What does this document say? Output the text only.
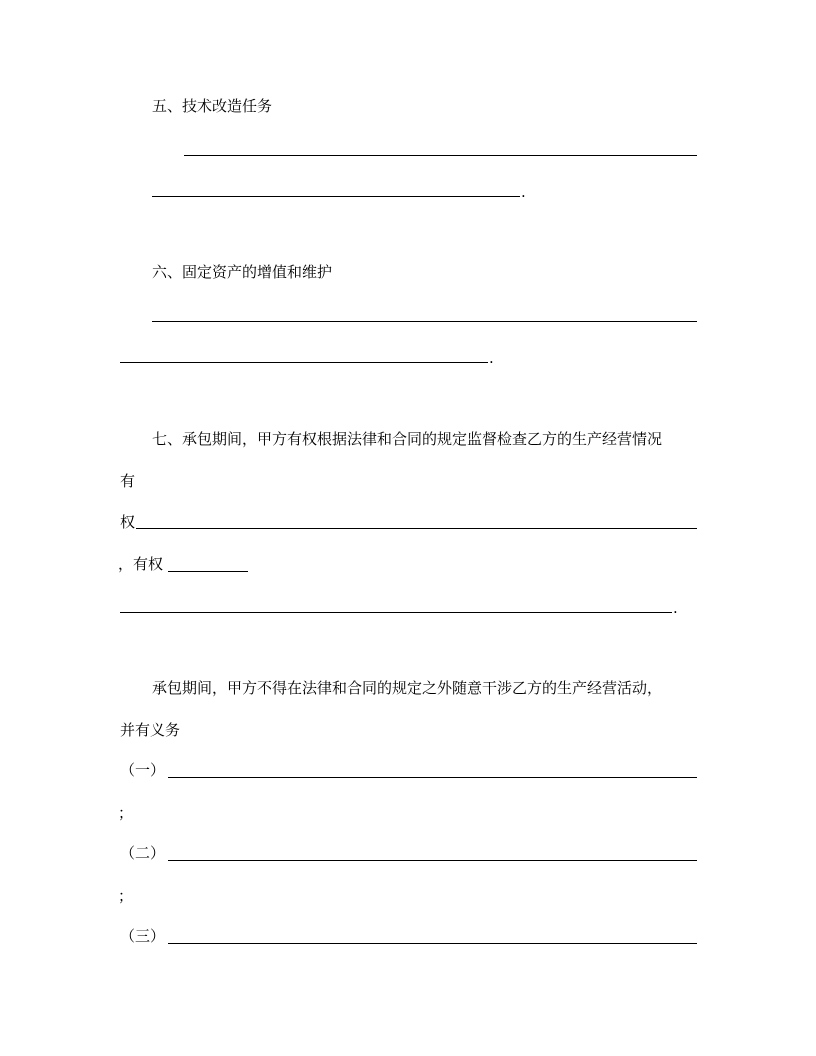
五、技术改造任务
.
六、固定资产的增值和维护
.
七、承包期间，甲方有权根据法律和合同的规定监督检查乙方的生产经营情况
有
权
，有权
.
承包期间，甲方不得在法律和合同的规定之外随意干涉乙方的生产经营活动，
并有义务
（一）
；
（二）
；
（三）
